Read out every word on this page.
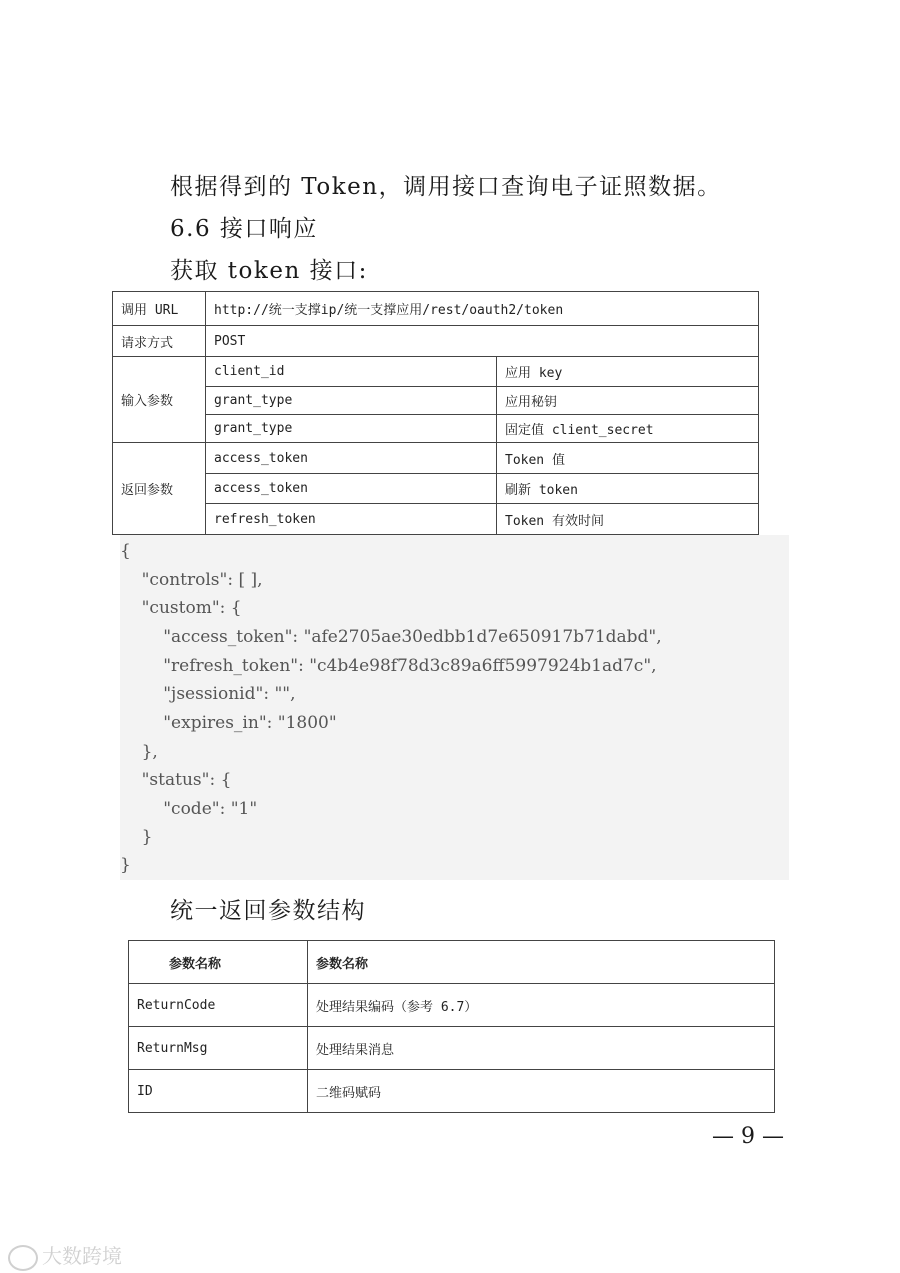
根据得到的 Token，调用接口查询电子证照数据。
6.6 接口响应
获取 token 接口:
调用 URL	http://统一支撑ip/统一支撑应用/rest/oauth2/token	
请求方式	POST	
输入参数	client_id	应用 key
	grant_type	应用秘钥
	grant_type	固定值 client_secret
返回参数	access_token	Token 值
	access_token	刷新 token
	refresh_token	Token 有效时间
{
"controls": [ ],
"custom": {
"access_token": "afe2705ae30edbb1d7e650917b71dabd",
"refresh_token": "c4b4e98f78d3c89a6ff5997924b1ad7c",
"jsessionid": "",
"expires_in": "1800"
},
"status": {
"code": "1"
}
}
统一返回参数结构
参数名称	参数名称
ReturnCode	处理结果编码（参考 6.7）
ReturnMsg	处理结果消息
ID	二维码赋码
— 9 —
大数跨境
